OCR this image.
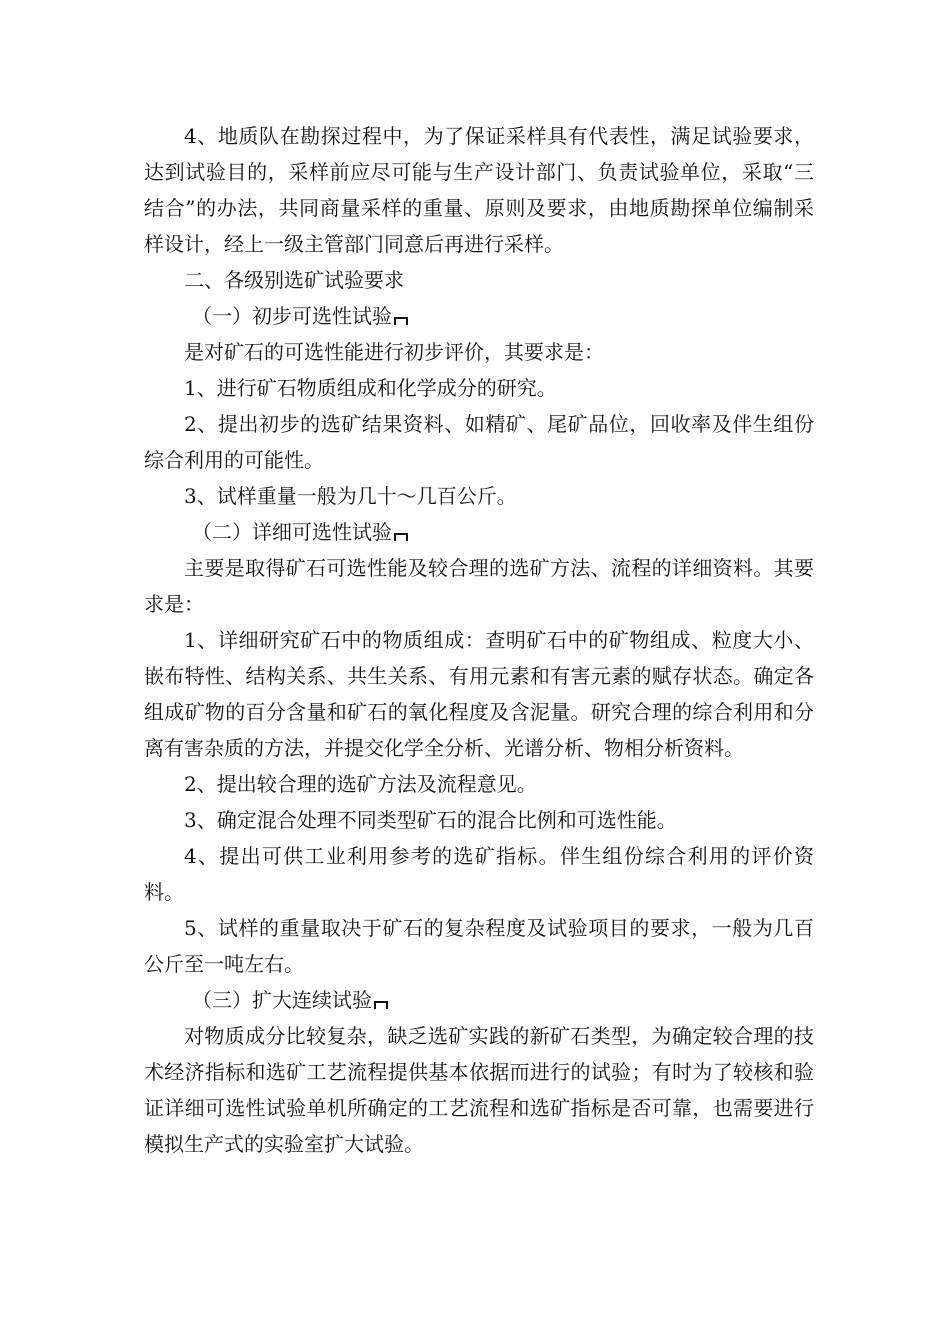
4、地质队在勘探过程中，为了保证采样具有代表性，满足试验要求，达到试验目的，采样前应尽可能与生产设计部门、负责试验单位，采取“三结合”的办法，共同商量采样的重量、原则及要求，由地质勘探单位编制采样设计，经上一级主管部门同意后再进行采样。

二、各级别选矿试验要求

（一）初步可选性试验

是对矿石的可选性能进行初步评价，其要求是：

1、进行矿石物质组成和化学成分的研究。

2、提出初步的选矿结果资料、如精矿、尾矿品位，回收率及伴生组份综合利用的可能性。

3、试样重量一般为几十～几百公斤。

（二）详细可选性试验

主要是取得矿石可选性能及较合理的选矿方法、流程的详细资料。其要求是：

1、详细研究矿石中的物质组成：查明矿石中的矿物组成、粒度大小、嵌布特性、结构关系、共生关系、有用元素和有害元素的赋存状态。确定各组成矿物的百分含量和矿石的氧化程度及含泥量。研究合理的综合利用和分离有害杂质的方法，并提交化学全分析、光谱分析、物相分析资料。

2、提出较合理的选矿方法及流程意见。

3、确定混合处理不同类型矿石的混合比例和可选性能。

4、提出可供工业利用参考的选矿指标。伴生组份综合利用的评价资料。

5、试样的重量取决于矿石的复杂程度及试验项目的要求，一般为几百公斤至一吨左右。

（三）扩大连续试验

对物质成分比较复杂，缺乏选矿实践的新矿石类型，为确定较合理的技术经济指标和选矿工艺流程提供基本依据而进行的试验；有时为了较核和验证详细可选性试验单机所确定的工艺流程和选矿指标是否可靠，也需要进行模拟生产式的实验室扩大试验。
